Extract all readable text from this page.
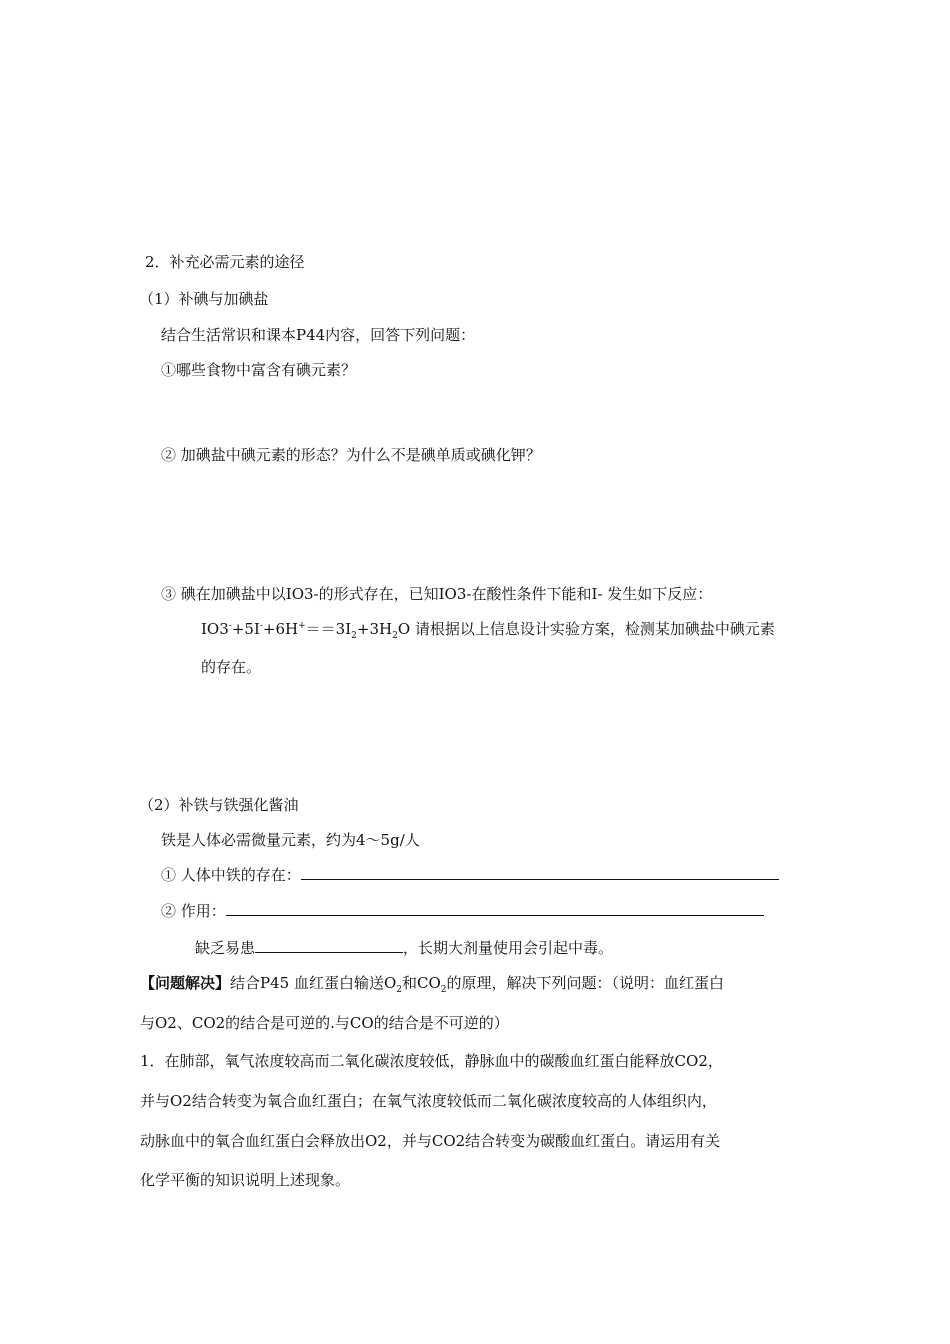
2．补充必需元素的途径
（1）补碘与加碘盐
结合生活常识和课本P44内容，回答下列问题：
①哪些食物中富含有碘元素？
② 加碘盐中碘元素的形态？为什么不是碘单质或碘化钾？
③ 碘在加碘盐中以IO3-的形式存在，已知IO3-在酸性条件下能和I- 发生如下反应：
$IO3^-+5I^-+6H^+==3I_2+3H_2O$ 请根据以上信息设计实验方案，检测某加碘盐中碘元素
的存在。
（2）补铁与铁强化酱油
铁是人体必需微量元素，约为4～5g/人
① 人体中铁的存在：
② 作用：
缺乏易患	，长期大剂量使用会引起中毒。
【问题解决】结合P45 血红蛋白输送$O_2$和$CO_2$的原理，解决下列问题：（说明：血红蛋白
与O2、CO2的结合是可逆的.与CO的结合是不可逆的）
1．在肺部，氧气浓度较高而二氧化碳浓度较低，静脉血中的碳酸血红蛋白能释放CO2，
并与O2结合转变为氧合血红蛋白；在氧气浓度较低而二氧化碳浓度较高的人体组织内，
动脉血中的氧合血红蛋白会释放出O2，并与CO2结合转变为碳酸血红蛋白。请运用有关
化学平衡的知识说明上述现象。
